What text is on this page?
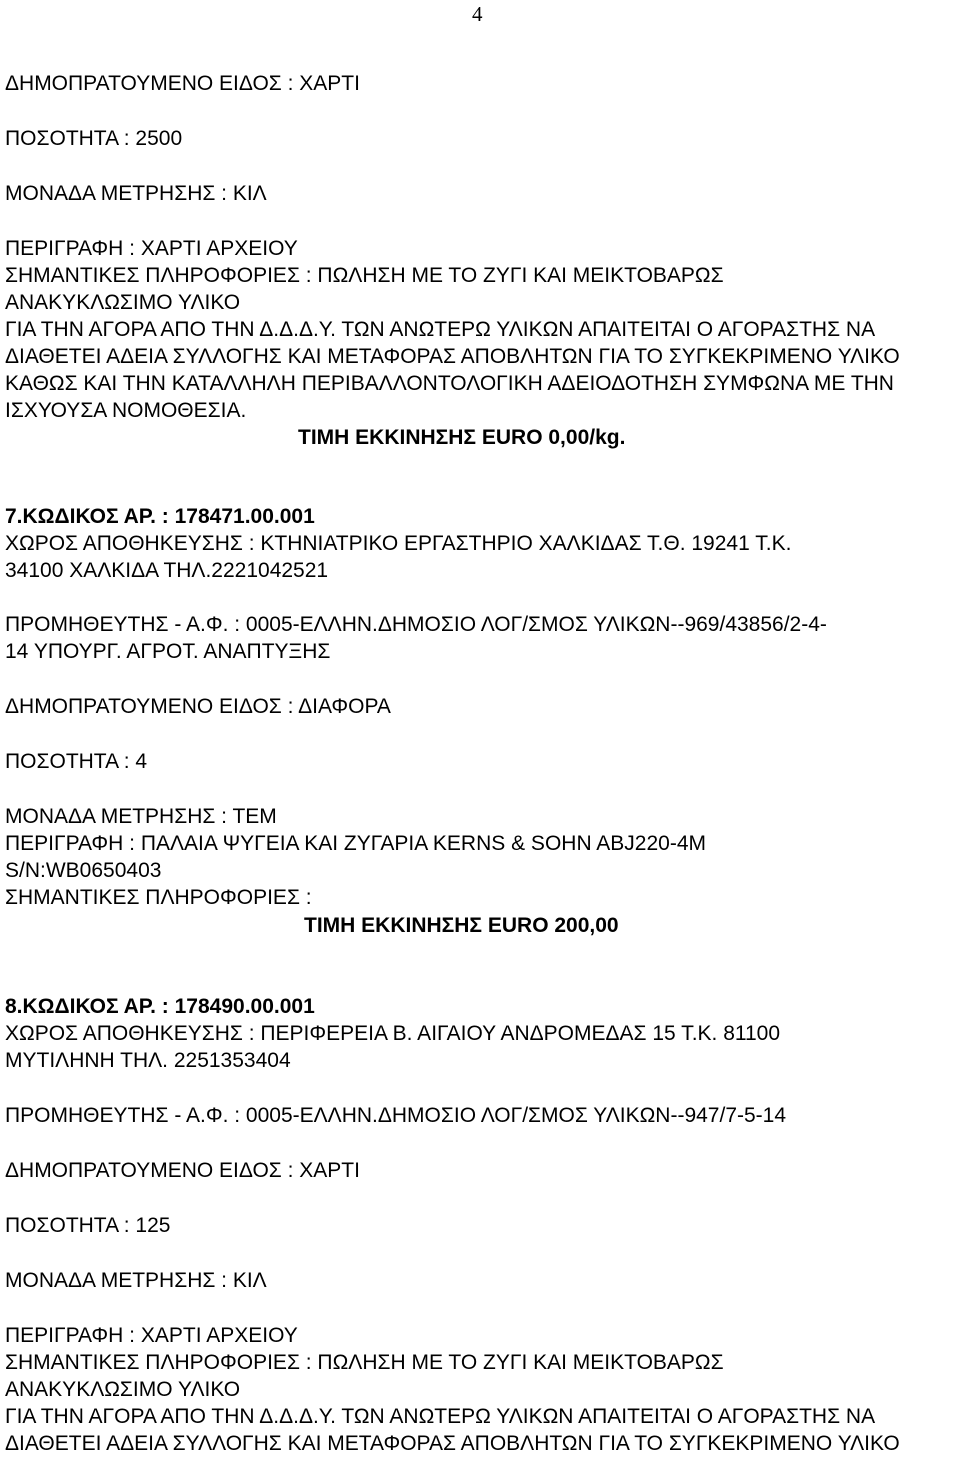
4
ΔΗΜΟΠΡΑΤΟΥΜΕΝΟ ΕΙΔΟΣ : ΧΑΡΤΙ
ΠΟΣΟΤΗΤΑ : 2500
ΜΟΝΑΔΑ ΜΕΤΡΗΣΗΣ : ΚΙΛ
ΠΕΡΙΓΡΑΦΗ : ΧΑΡΤΙ ΑΡΧΕΙΟΥ
ΣΗΜΑΝΤΙΚΕΣ ΠΛΗΡΟΦΟΡΙΕΣ : ΠΩΛΗΣΗ ΜΕ ΤΟ ΖΥΓΙ ΚΑΙ ΜΕΙΚΤΟΒΑΡΩΣ
ΑΝΑΚΥΚΛΩΣΙΜΟ ΥΛΙΚΟ
ΓΙΑ ΤΗΝ ΑΓΟΡΑ ΑΠΟ ΤΗΝ Δ.Δ.Δ.Υ. ΤΩΝ ΑΝΩΤΕΡΩ ΥΛΙΚΩΝ ΑΠΑΙΤΕΙΤΑΙ Ο ΑΓΟΡΑΣΤΗΣ ΝΑ
ΔΙΑΘΕΤΕΙ ΑΔΕΙΑ ΣΥΛΛΟΓΗΣ ΚΑΙ ΜΕΤΑΦΟΡΑΣ ΑΠΟΒΛΗΤΩΝ ΓΙΑ ΤΟ ΣΥΓΚΕΚΡΙΜΕΝΟ ΥΛΙΚΟ
ΚΑΘΩΣ ΚΑΙ ΤΗΝ ΚΑΤΑΛΛΗΛΗ ΠΕΡΙΒΑΛΛΟΝΤΟΛΟΓΙΚΗ ΑΔΕΙΟΔΟΤΗΣΗ ΣΥΜΦΩΝΑ ΜΕ ΤΗΝ
ΙΣΧΥΟΥΣΑ ΝΟΜΟΘΕΣΙΑ.
ΤΙΜΗ ΕΚΚΙΝΗΣΗΣ EURO 0,00/kg.
7.ΚΩΔΙΚΟΣ ΑΡ. : 178471.00.001
ΧΩΡΟΣ ΑΠΟΘΗΚΕΥΣΗΣ : ΚΤΗΝΙΑΤΡΙΚΟ ΕΡΓΑΣΤΗΡΙΟ ΧΑΛΚΙΔΑΣ Τ.Θ. 19241 Τ.Κ.
34100 ΧΑΛΚΙΔΑ ΤΗΛ.2221042521
ΠΡΟΜΗΘΕΥΤΗΣ - Α.Φ. : 0005-ΕΛΛΗΝ.ΔΗΜΟΣΙΟ ΛΟΓ/ΣΜΟΣ ΥΛΙΚΩΝ--969/43856/2-4-
14 ΥΠΟΥΡΓ. ΑΓΡΟΤ. ΑΝΑΠΤΥΞΗΣ
ΔΗΜΟΠΡΑΤΟΥΜΕΝΟ ΕΙΔΟΣ : ΔΙΑΦΟΡΑ
ΠΟΣΟΤΗΤΑ : 4
ΜΟΝΑΔΑ ΜΕΤΡΗΣΗΣ : ΤΕΜ
ΠΕΡΙΓΡΑΦΗ : ΠΑΛΑΙΑ ΨΥΓΕΙΑ ΚΑΙ ΖΥΓΑΡΙΑ KERNS & SOHN ABJ220-4M
S/N:WB0650403
ΣΗΜΑΝΤΙΚΕΣ ΠΛΗΡΟΦΟΡΙΕΣ :
ΤΙΜΗ ΕΚΚΙΝΗΣΗΣ EURO 200,00
8.ΚΩΔΙΚΟΣ ΑΡ. : 178490.00.001
ΧΩΡΟΣ ΑΠΟΘΗΚΕΥΣΗΣ : ΠΕΡΙΦΕΡΕΙΑ Β. ΑΙΓΑΙΟΥ ΑΝΔΡΟΜΕΔΑΣ 15 Τ.Κ. 81100
ΜΥΤΙΛΗΝΗ ΤΗΛ. 2251353404
ΠΡΟΜΗΘΕΥΤΗΣ - Α.Φ. : 0005-ΕΛΛΗΝ.ΔΗΜΟΣΙΟ ΛΟΓ/ΣΜΟΣ ΥΛΙΚΩΝ--947/7-5-14
ΔΗΜΟΠΡΑΤΟΥΜΕΝΟ ΕΙΔΟΣ : ΧΑΡΤΙ
ΠΟΣΟΤΗΤΑ : 125
ΜΟΝΑΔΑ ΜΕΤΡΗΣΗΣ : ΚΙΛ
ΠΕΡΙΓΡΑΦΗ : ΧΑΡΤΙ ΑΡΧΕΙΟΥ
ΣΗΜΑΝΤΙΚΕΣ ΠΛΗΡΟΦΟΡΙΕΣ : ΠΩΛΗΣΗ ΜΕ ΤΟ ΖΥΓΙ ΚΑΙ ΜΕΙΚΤΟΒΑΡΩΣ
ΑΝΑΚΥΚΛΩΣΙΜΟ ΥΛΙΚΟ
ΓΙΑ ΤΗΝ ΑΓΟΡΑ ΑΠΟ ΤΗΝ Δ.Δ.Δ.Υ. ΤΩΝ ΑΝΩΤΕΡΩ ΥΛΙΚΩΝ ΑΠΑΙΤΕΙΤΑΙ Ο ΑΓΟΡΑΣΤΗΣ ΝΑ
ΔΙΑΘΕΤΕΙ ΑΔΕΙΑ ΣΥΛΛΟΓΗΣ ΚΑΙ ΜΕΤΑΦΟΡΑΣ ΑΠΟΒΛΗΤΩΝ ΓΙΑ ΤΟ ΣΥΓΚΕΚΡΙΜΕΝΟ ΥΛΙΚΟ
